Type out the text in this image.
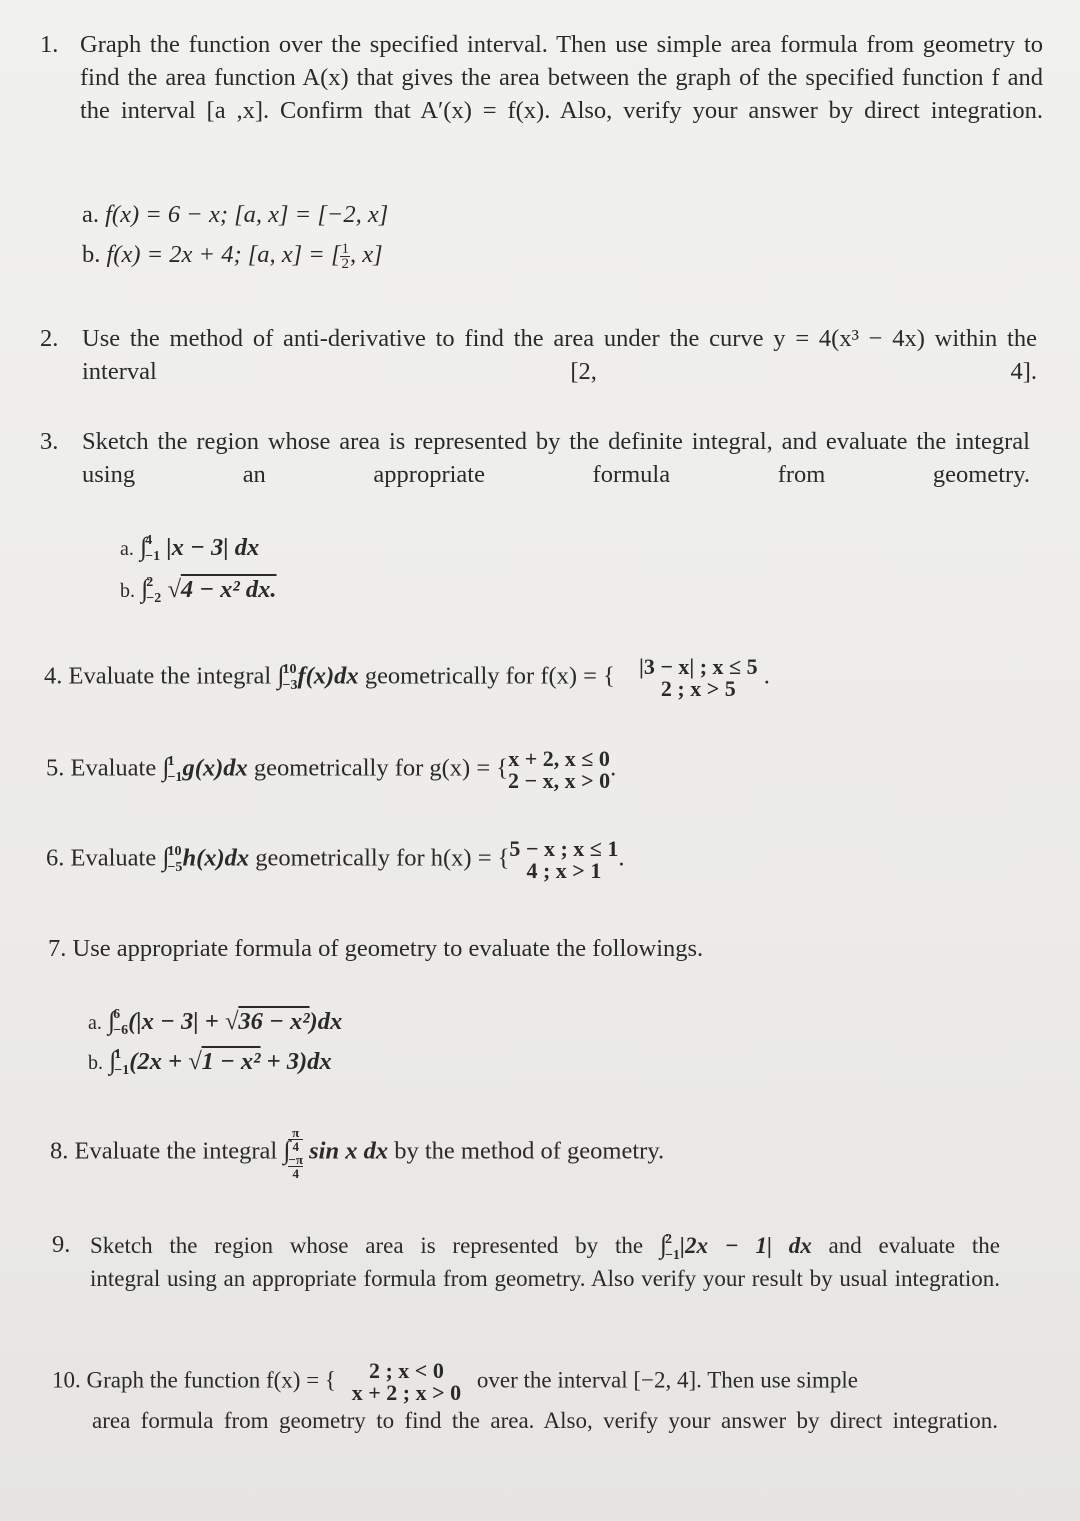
1. Graph the function over the specified interval. Then use simple area formula from geometry to find the area function A(x) that gives the area between the graph of the specified function f and the interval [a ,x]. Confirm that A′(x) = f(x). Also, verify your answer by direct integration.
a. f(x) = 6 − x; [a, x] = [−2, x]
b. f(x) = 2x + 4; [a, x] = [ $\frac{1}{2}$ , x]
2. Use the method of anti-derivative to find the area under the curve y = 4(x³ − 4x) within the interval [2, 4].
3. Sketch the region whose area is represented by the definite integral, and evaluate the integral using an appropriate formula from geometry.
a. ∫
4
−1 |x − 3| dx
b. ∫
2
−2 √4 − x² dx.
4. Evaluate the integral ∫
10
−3 f(x)dx geometrically for f(x) = { |3 − x| ; x ≤ 5
2 ; x > 5	.
5. Evaluate ∫
1
−1 g(x)dx geometrically for g(x) = { x + 2, x ≤ 0
2 − x, x > 0 .
6. Evaluate ∫
10
−5 h(x)dx geometrically for h(x) = { 5 − x ; x ≤ 1
4 ; x > 1 .
7. Use appropriate formula of geometry to evaluate the followings.
a. ∫
6
−6 (|x − 3| + √36 − x²)dx
b. ∫
1
−1 (2x + √1 − x² + 3)dx
8. Evaluate the integral ∫
π
4
−π
4
sin x dx by the method of geometry.
9. Sketch the region whose area is represented by the ∫
2
−1 |2x − 1| dx and evaluate the
integral using an appropriate formula from geometry. Also verify your result by usual integration.
10. Graph the function f(x) = {	2 ; x < 0
x + 2 ; x > 0
over the interval [−2, 4]. Then use simple
area formula from geometry to find the area. Also, verify your answer by direct integration.
